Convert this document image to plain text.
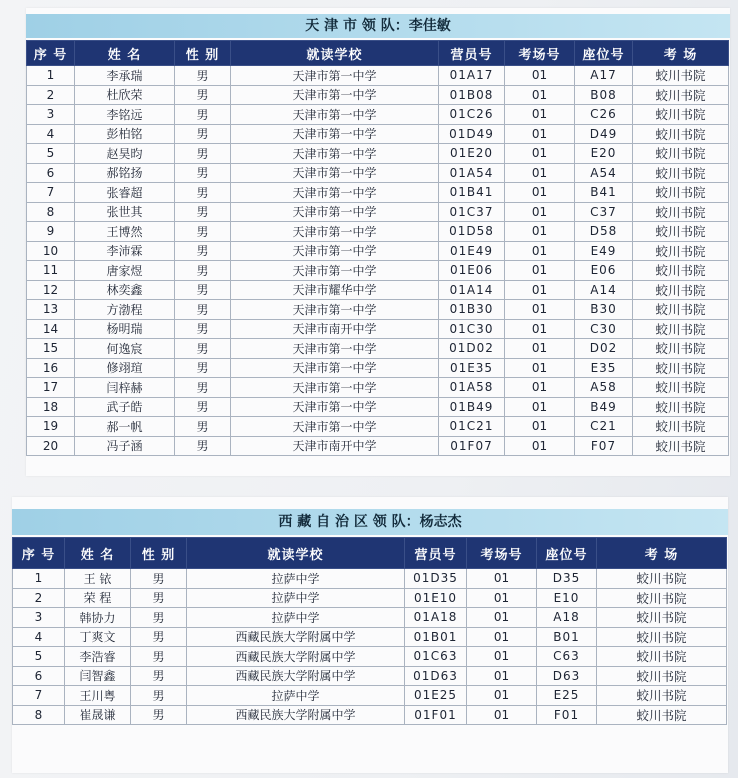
天 津 市 领 队：李佳敏
序 号	姓 名	性 别	就读学校	营员号	考场号	座位号	考 场
1	李承瑞	男	天津市第一中学	01A17	01	A17	蛟川书院
2	杜欣荣	男	天津市第一中学	01B08	01	B08	蛟川书院
3	李铭远	男	天津市第一中学	01C26	01	C26	蛟川书院
4	彭柏铭	男	天津市第一中学	01D49	01	D49	蛟川书院
5	赵昊昀	男	天津市第一中学	01E20	01	E20	蛟川书院
6	郝铭扬	男	天津市第一中学	01A54	01	A54	蛟川书院
7	张睿超	男	天津市第一中学	01B41	01	B41	蛟川书院
8	张世其	男	天津市第一中学	01C37	01	C37	蛟川书院
9	王博然	男	天津市第一中学	01D58	01	D58	蛟川书院
10	李沛霖	男	天津市第一中学	01E49	01	E49	蛟川书院
11	唐家煜	男	天津市第一中学	01E06	01	E06	蛟川书院
12	林奕鑫	男	天津市耀华中学	01A14	01	A14	蛟川书院
13	方渤程	男	天津市第一中学	01B30	01	B30	蛟川书院
14	杨明瑞	男	天津市南开中学	01C30	01	C30	蛟川书院
15	何逸宸	男	天津市第一中学	01D02	01	D02	蛟川书院
16	修翊瑄	男	天津市第一中学	01E35	01	E35	蛟川书院
17	闫梓赫	男	天津市第一中学	01A58	01	A58	蛟川书院
18	武子皓	男	天津市第一中学	01B49	01	B49	蛟川书院
19	郝一帆	男	天津市第一中学	01C21	01	C21	蛟川书院
20	冯子涵	男	天津市南开中学	01F07	01	F07	蛟川书院
西 藏 自 治 区 领 队：杨志杰
序 号	姓 名	性 别	就读学校	营员号	考场号	座位号	考 场
1	王 铱	男	拉萨中学	01D35	01	D35	蛟川书院
2	荣 程	男	拉萨中学	01E10	01	E10	蛟川书院
3	韩协力	男	拉萨中学	01A18	01	A18	蛟川书院
4	丁爽文	男	西藏民族大学附属中学	01B01	01	B01	蛟川书院
5	李浩睿	男	西藏民族大学附属中学	01C63	01	C63	蛟川书院
6	闫智鑫	男	西藏民族大学附属中学	01D63	01	D63	蛟川书院
7	王川粤	男	拉萨中学	01E25	01	E25	蛟川书院
8	崔晟谦	男	西藏民族大学附属中学	01F01	01	F01	蛟川书院
